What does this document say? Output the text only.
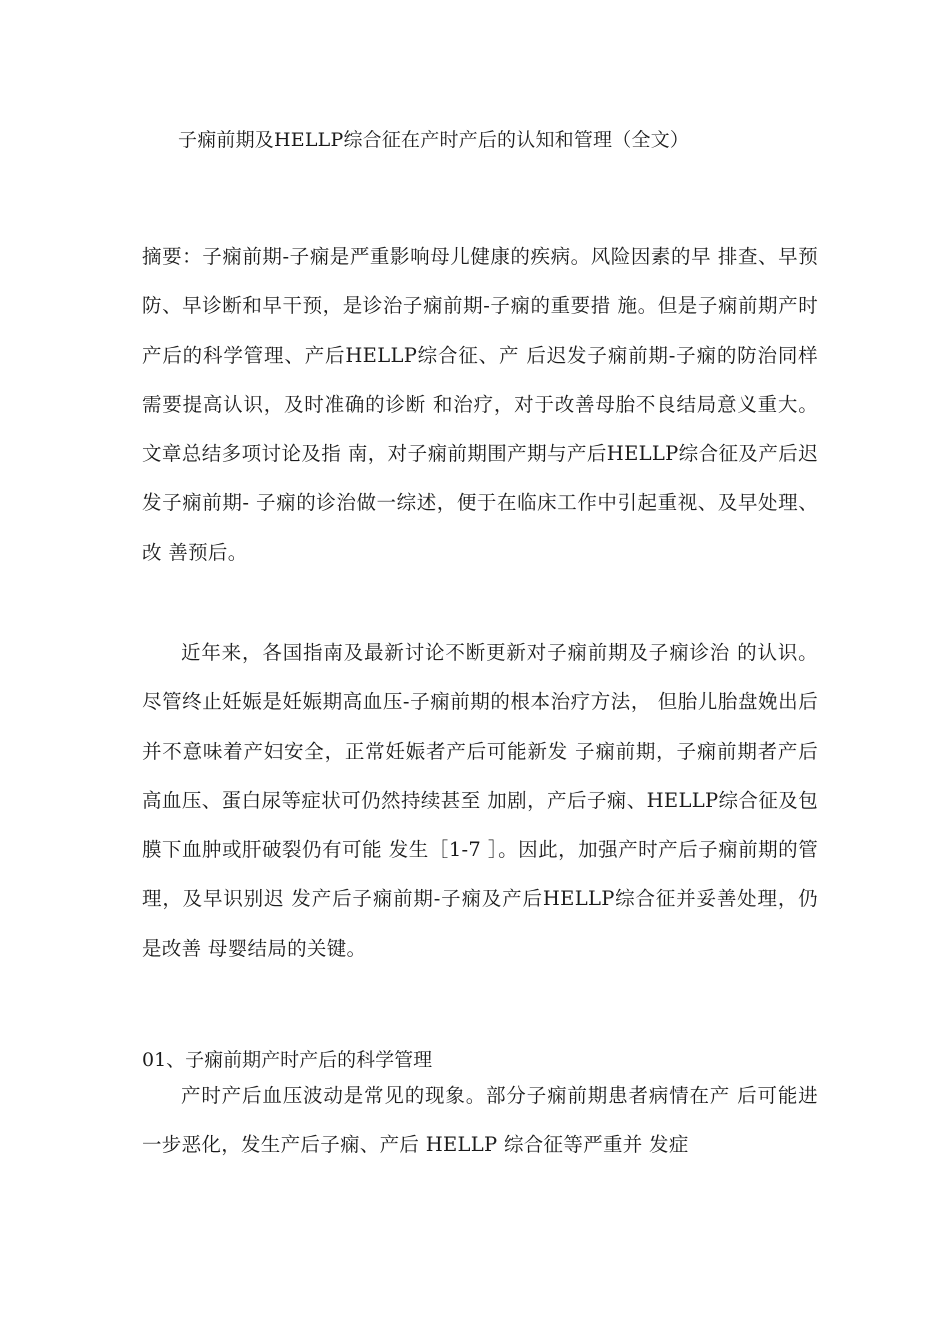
子痫前期及HELLP综合征在产时产后的认知和管理（全文）
摘要：子痫前期-子痫是严重影响母儿健康的疾病。风险因素的早 排查、早预防、早诊断和早干预，是诊治子痫前期-子痫的重要措 施。但是子痫前期产时产后的科学管理、产后HELLP综合征、产 后迟发子痫前期-子痫的防治同样需要提高认识，及时准确的诊断 和治疗，对于改善母胎不良结局意义重大。文章总结多项讨论及指 南，对子痫前期围产期与产后HELLP综合征及产后迟发子痫前期- 子痫的诊治做一综述，便于在临床工作中引起重视、及早处理、改 善预后。
近年来，各国指南及最新讨论不断更新对子痫前期及子痫诊治 的认识。尽管终止妊娠是妊娠期高血压-子痫前期的根本治疗方法， 但胎儿胎盘娩出后并不意味着产妇安全，正常妊娠者产后可能新发 子痫前期，子痫前期者产后高血压、蛋白尿等症状可仍然持续甚至 加剧，产后子痫、HELLP综合征及包膜下血肿或肝破裂仍有可能 发生［1-7 ］。因此，加强产时产后子痫前期的管理，及早识别迟 发产后子痫前期-子痫及产后HELLP综合征并妥善处理，仍是改善 母婴结局的关键。
01、子痫前期产时产后的科学管理
产时产后血压波动是常见的现象。部分子痫前期患者病情在产 后可能进一步恶化，发生产后子痫、产后 HELLP 综合征等严重并 发症
